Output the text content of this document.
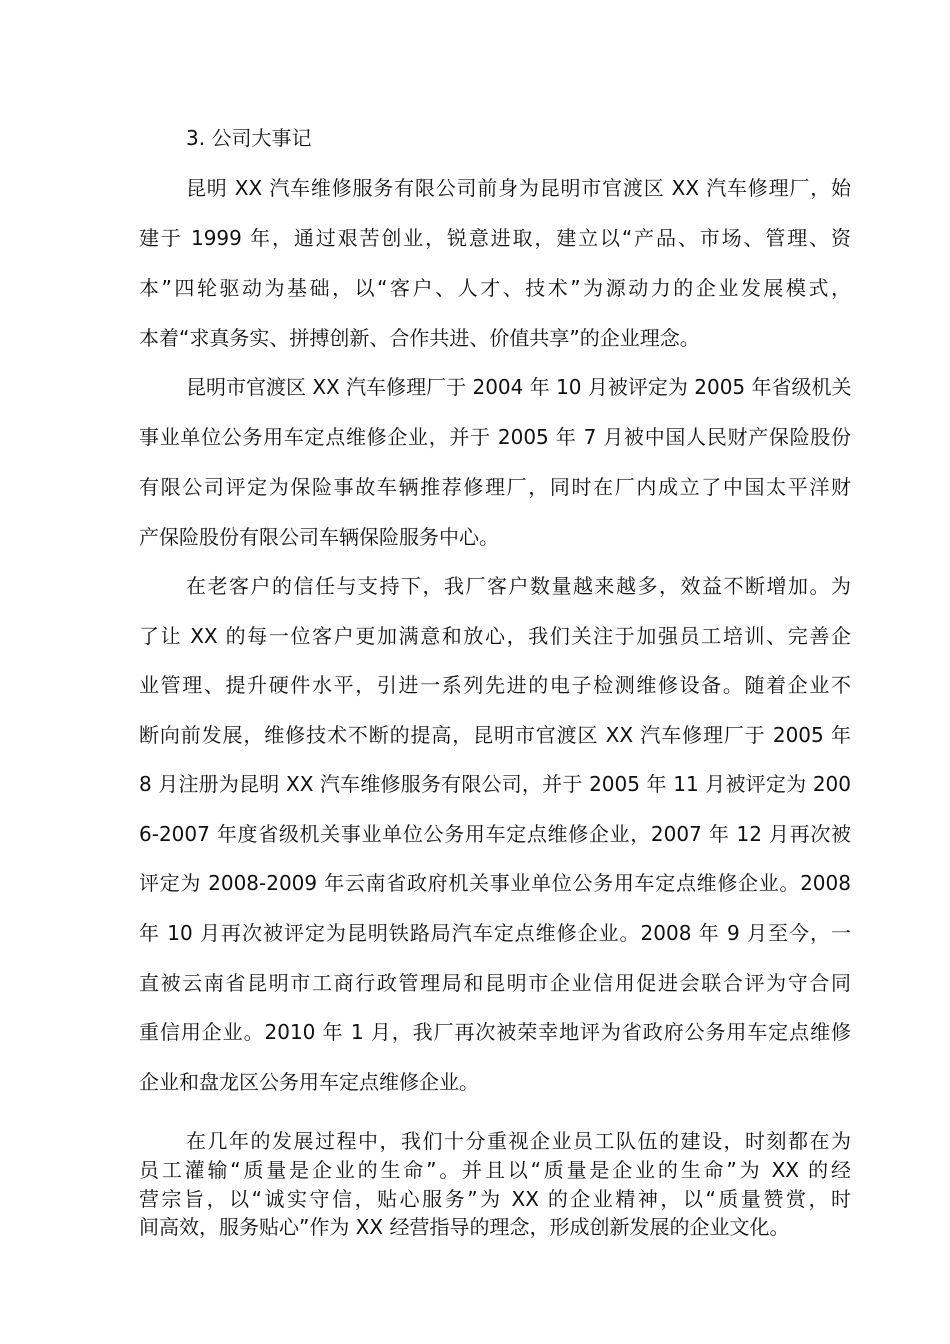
3. 公司大事记
昆明 XX 汽车维修服务有限公司前身为昆明市官渡区 XX 汽车修理厂，始
建于 1999 年，通过艰苦创业，锐意进取，建立以“产品、市场、管理、资
本”四轮驱动为基础，以“客户、人才、技术”为源动力的企业发展模式，
本着“求真务实、拼搏创新、合作共进、价值共享”的企业理念。
昆明市官渡区 XX 汽车修理厂于 2004 年 10 月被评定为 2005 年省级机关
事业单位公务用车定点维修企业，并于 2005 年 7 月被中国人民财产保险股份
有限公司评定为保险事故车辆推荐修理厂，同时在厂内成立了中国太平洋财
产保险股份有限公司车辆保险服务中心。
在老客户的信任与支持下，我厂客户数量越来越多，效益不断增加。为
了让 XX 的每一位客户更加满意和放心，我们关注于加强员工培训、完善企
业管理、提升硬件水平，引进一系列先进的电子检测维修设备。随着企业不
断向前发展，维修技术不断的提高，昆明市官渡区 XX 汽车修理厂于 2005 年
8 月注册为昆明 XX 汽车维修服务有限公司，并于 2005 年 11 月被评定为 200
6-2007 年度省级机关事业单位公务用车定点维修企业，2007 年 12 月再次被
评定为 2008-2009 年云南省政府机关事业单位公务用车定点维修企业。2008
年 10 月再次被评定为昆明铁路局汽车定点维修企业。2008 年 9 月至今，一
直被云南省昆明市工商行政管理局和昆明市企业信用促进会联合评为守合同
重信用企业。2010 年 1 月，我厂再次被荣幸地评为省政府公务用车定点维修
企业和盘龙区公务用车定点维修企业。
在几年的发展过程中，我们十分重视企业员工队伍的建设，时刻都在为
员工灌输“质量是企业的生命”。并且以“质量是企业的生命”为 XX 的经
营宗旨，以“诚实守信，贴心服务”为 XX 的企业精神，以“质量赞赏，时
间高效，服务贴心”作为 XX 经营指导的理念，形成创新发展的企业文化。
